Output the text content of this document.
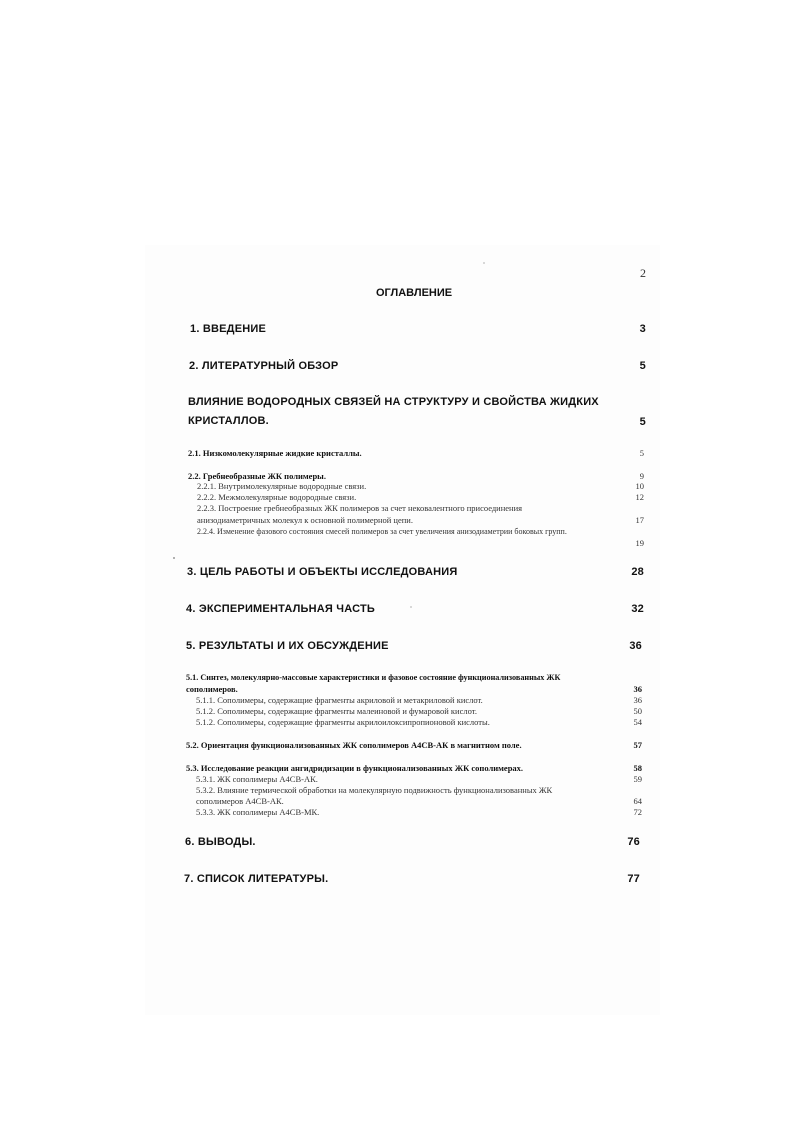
2
ОГЛАВЛЕНИЕ
1. ВВЕДЕНИЕ	3
2. ЛИТЕРАТУРНЫЙ ОБЗОР	5
ВЛИЯНИЕ ВОДОРОДНЫХ СВЯЗЕЙ НА СТРУКТУРУ И СВОЙСТВА ЖИДКИХ
КРИСТАЛЛОВ.	5
2.1. Низкомолекулярные жидкие кристаллы.	5
2.2. Гребнеобразные ЖК полимеры.	9
2.2.1. Внутримолекулярные водородные связи.	10
2.2.2. Межмолекулярные водородные связи.	12
2.2.3. Построение гребнеобразных ЖК полимеров за счет нековалентного присоединения
анизодиаметричных молекул к основной полимерной цепи.	17
2.2.4. Изменение фазового состояния смесей полимеров за счет увеличения анизодиаметрии боковых групп.
19
3. ЦЕЛЬ РАБОТЫ И ОБЪЕКТЫ ИССЛЕДОВАНИЯ	28
4. ЭКСПЕРИМЕНТАЛЬНАЯ ЧАСТЬ	32
5. РЕЗУЛЬТАТЫ И ИХ ОБСУЖДЕНИЕ	36
5.1. Синтез, молекулярно-массовые характеристики и фазовое состояние функционализованных ЖК
сополимеров.	36
5.1.1. Сополимеры, содержащие фрагменты акриловой и метакриловой кислот.	36
5.1.2. Сополимеры, содержащие фрагменты малеиновой и фумаровой кислот.	50
5.1.2. Сополимеры, содержащие фрагменты акрилоилоксипропионовой кислоты.	54
5.2. Ориентация функционализованных ЖК сополимеров А4СВ-АК в магнитном поле.	57
5.3. Исследование реакции ангидридизации в функционализованных ЖК сополимерах.	58
5.3.1. ЖК сополимеры А4СВ-АК.	59
5.3.2. Влияние термической обработки на молекулярную подвижность функционализованных ЖК
сополимеров А4СВ-АК.	64
5.3.3. ЖК сополимеры А4СВ-МК.	72
6. ВЫВОДЫ.	76
7. СПИСОК ЛИТЕРАТУРЫ.	77
